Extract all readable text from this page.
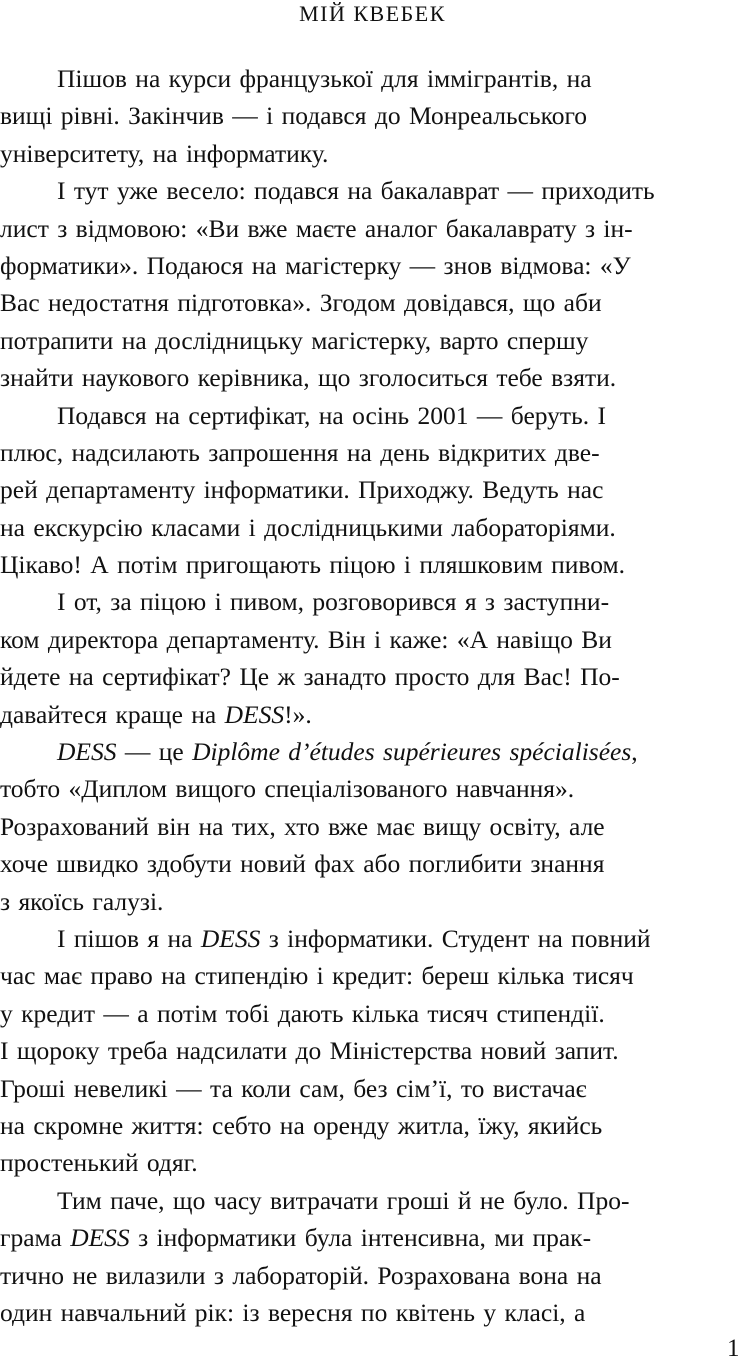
МІЙ КВЕБЕК
Пішов на курси французької для іммігрантів, на
вищі рівні. Закінчив — і подався до Монреальського
університету, на інформатику.
І тут уже весело: подався на бакалаврат — приходить
лист з відмовою: «Ви вже маєте аналог бакалаврату з ін-
форматики». Подаюся на магістерку — знов відмова: «У
Вас недостатня підготовка». Згодом довідався, що аби
потрапити на дослідницьку магістерку, варто спершу
знайти наукового керівника, що зголоситься тебе взяти.
Подався на сертифікат, на осінь 2001 — беруть. І
плюс, надсилають запрошення на день відкритих две-
рей департаменту інформатики. Приходжу. Ведуть нас
на екскурсію класами і дослідницькими лабораторіями.
Цікаво! А потім пригощають піцою і пляшковим пивом.
І от, за піцою і пивом, розговорився я з заступни-
ком директора департаменту. Він і каже: «А навіщо Ви
йдете на сертифікат? Це ж занадто просто для Вас! По-
давайтеся краще на DESS!».
DESS — це Diplôme d’études supérieures spécialisées,
тобто «Диплом вищого спеціалізованого навчання».
Розрахований він на тих, хто вже має вищу освіту, але
хоче швидко здобути новий фах або поглибити знання
з якоїсь галузі.
І пішов я на DESS з інформатики. Студент на повний
час має право на стипендію і кредит: береш кілька тисяч
у кредит — а потім тобі дають кілька тисяч стипендії.
І щороку треба надсилати до Міністерства новий запит.
Гроші невеликі — та коли сам, без сім’ї, то вистачає
на скромне життя: себто на оренду житла, їжу, якийсь
простенький одяг.
Тим паче, що часу витрачати гроші й не було. Про-
грама DESS з інформатики була інтенсивна, ми прак-
тично не вилазили з лабораторій. Розрахована вона на
один навчальний рік: із вересня по квітень у класі, а
1
